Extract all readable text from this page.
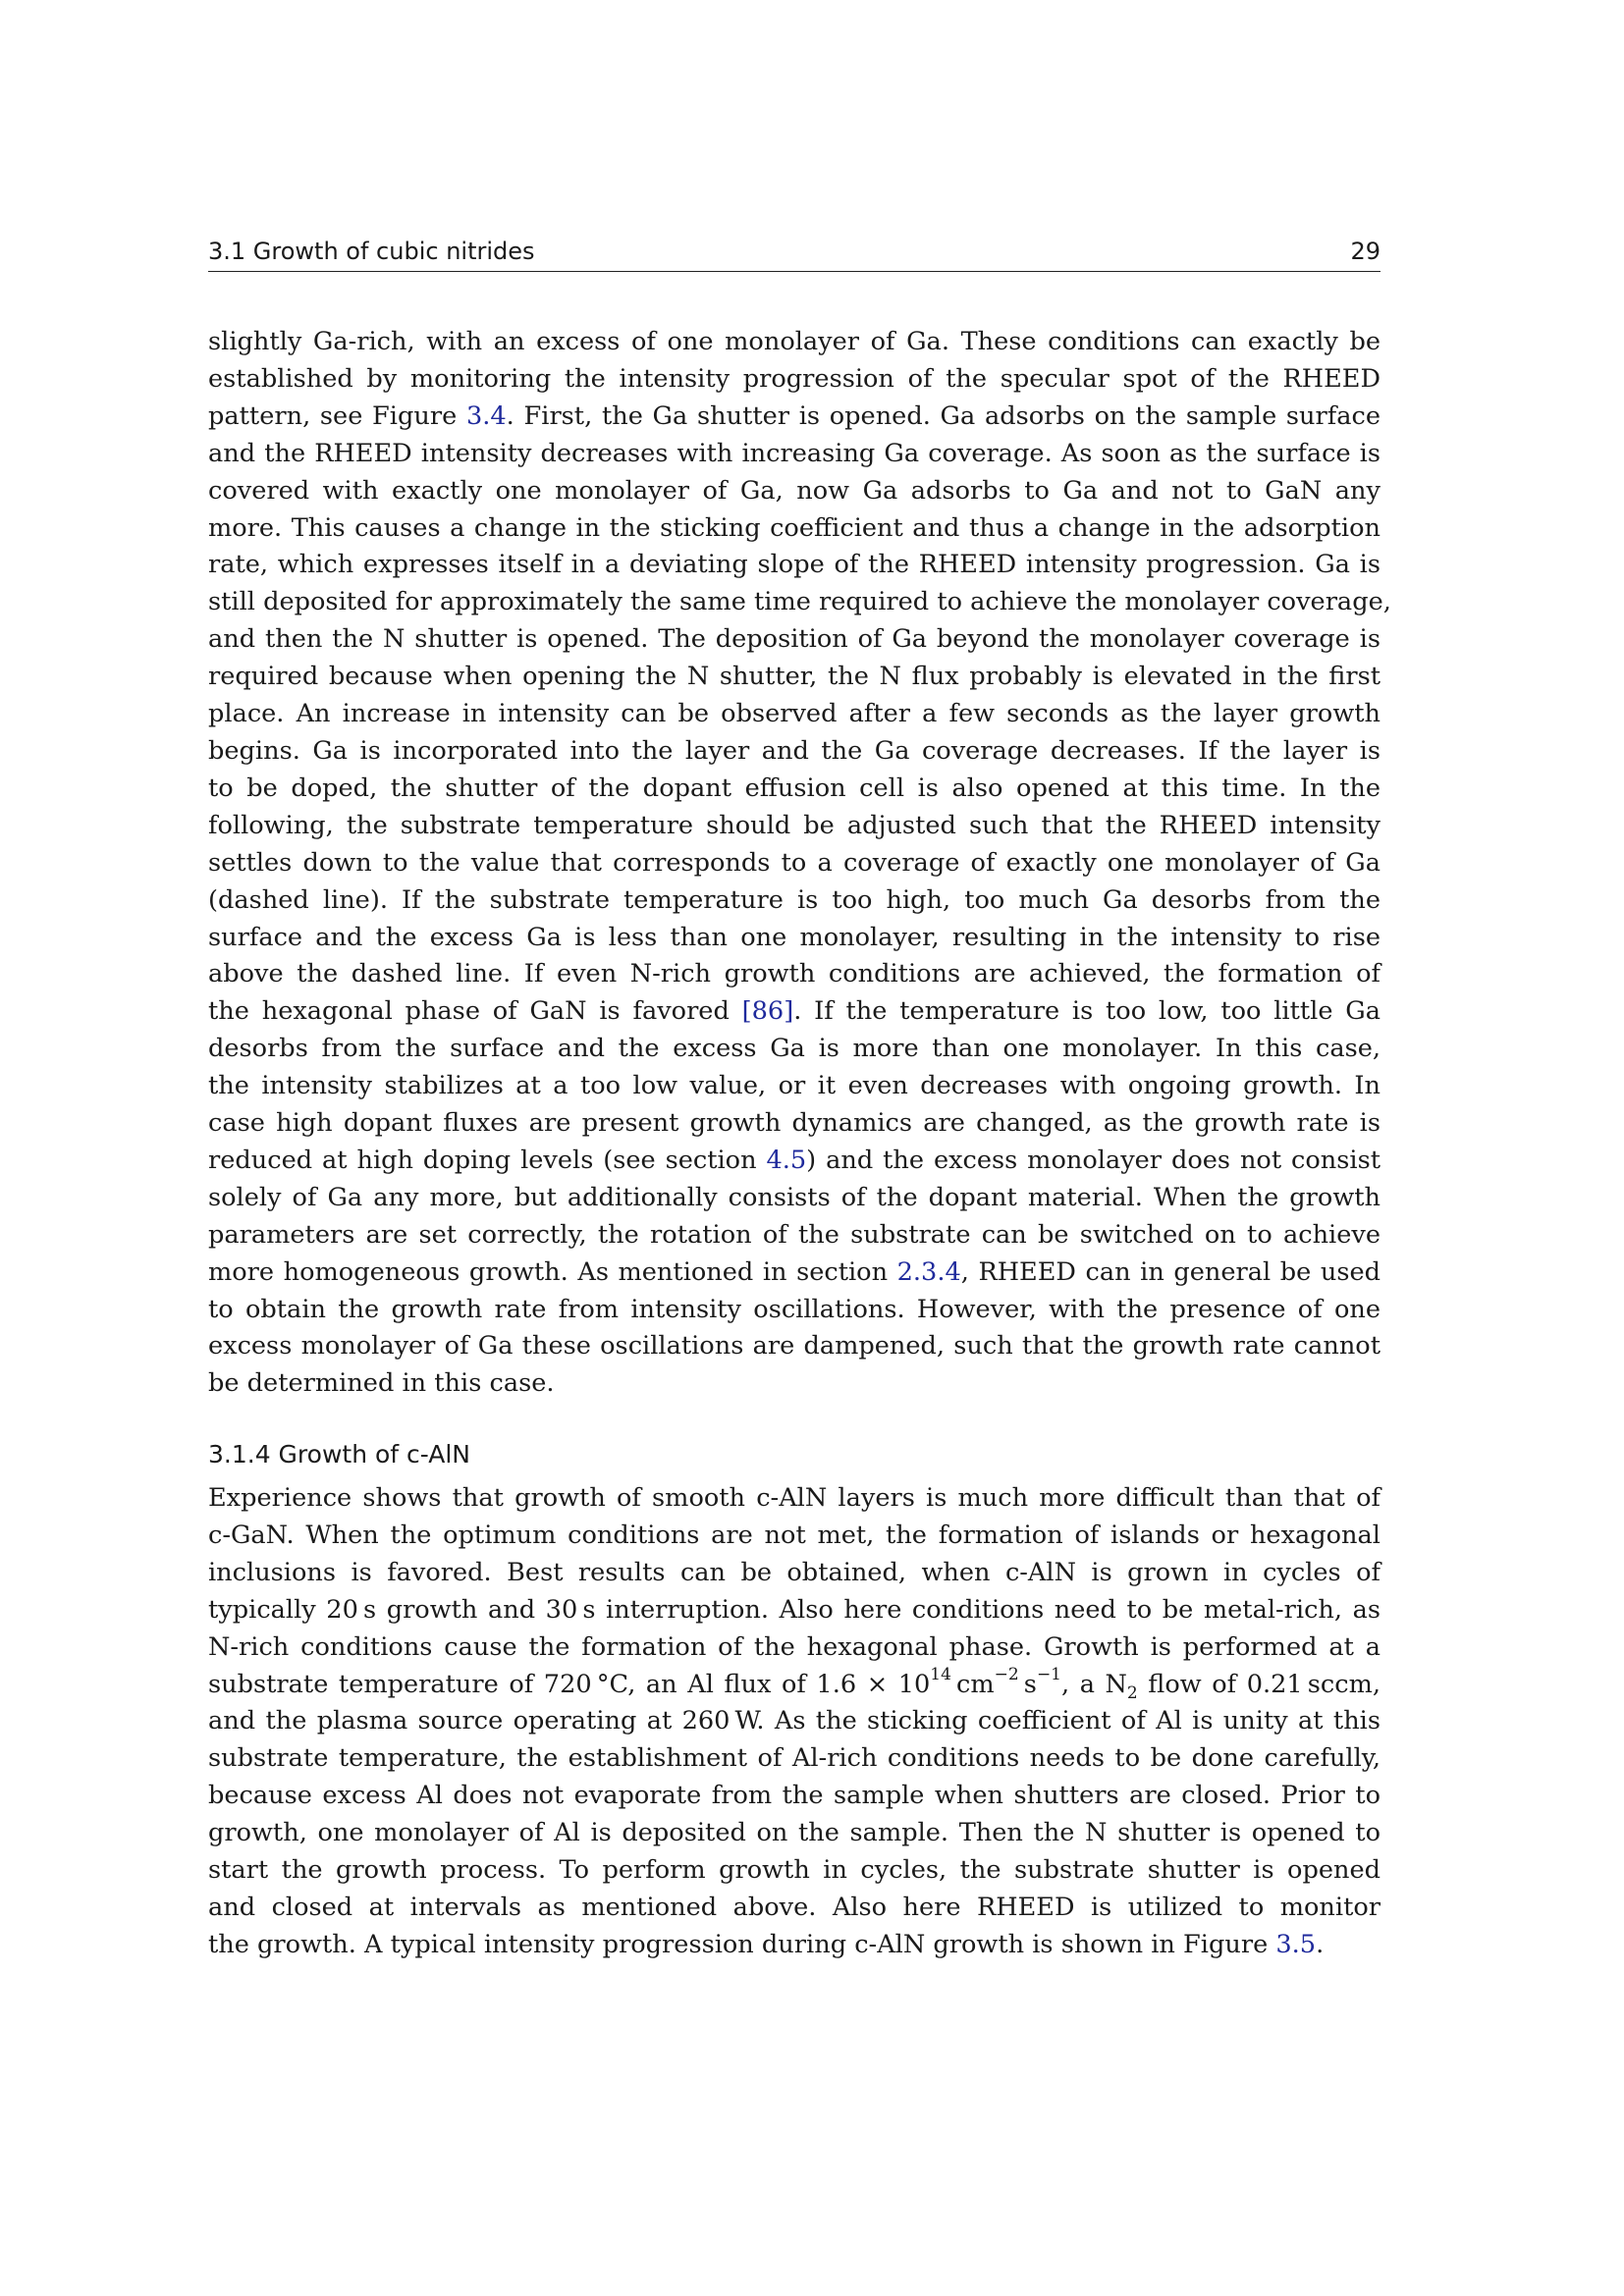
3.1 Growth of cubic nitrides	29
slightly Ga-rich, with an excess of one monolayer of Ga. These conditions can exactly be
established by monitoring the intensity progression of the specular spot of the RHEED
pattern, see Figure 3.4. First, the Ga shutter is opened. Ga adsorbs on the sample surface
and the RHEED intensity decreases with increasing Ga coverage. As soon as the surface is
covered with exactly one monolayer of Ga, now Ga adsorbs to Ga and not to GaN any
more. This causes a change in the sticking coefficient and thus a change in the adsorption
rate, which expresses itself in a deviating slope of the RHEED intensity progression. Ga is
still deposited for approximately the same time required to achieve the monolayer coverage,
and then the N shutter is opened. The deposition of Ga beyond the monolayer coverage is
required because when opening the N shutter, the N flux probably is elevated in the first
place. An increase in intensity can be observed after a few seconds as the layer growth
begins. Ga is incorporated into the layer and the Ga coverage decreases. If the layer is
to be doped, the shutter of the dopant effusion cell is also opened at this time. In the
following, the substrate temperature should be adjusted such that the RHEED intensity
settles down to the value that corresponds to a coverage of exactly one monolayer of Ga
(dashed line). If the substrate temperature is too high, too much Ga desorbs from the
surface and the excess Ga is less than one monolayer, resulting in the intensity to rise
above the dashed line. If even N-rich growth conditions are achieved, the formation of
the hexagonal phase of GaN is favored [86]. If the temperature is too low, too little Ga
desorbs from the surface and the excess Ga is more than one monolayer. In this case,
the intensity stabilizes at a too low value, or it even decreases with ongoing growth. In
case high dopant fluxes are present growth dynamics are changed, as the growth rate is
reduced at high doping levels (see section 4.5) and the excess monolayer does not consist
solely of Ga any more, but additionally consists of the dopant material. When the growth
parameters are set correctly, the rotation of the substrate can be switched on to achieve
more homogeneous growth. As mentioned in section 2.3.4, RHEED can in general be used
to obtain the growth rate from intensity oscillations. However, with the presence of one
excess monolayer of Ga these oscillations are dampened, such that the growth rate cannot
be determined in this case.
3.1.4 Growth of c-AlN
Experience shows that growth of smooth c-AlN layers is much more difficult than that of
c-GaN. When the optimum conditions are not met, the formation of islands or hexagonal
inclusions is favored. Best results can be obtained, when c-AlN is grown in cycles of
typically 20 s growth and 30 s interruption. Also here conditions need to be metal-rich, as
N-rich conditions cause the formation of the hexagonal phase. Growth is performed at a
substrate temperature of 720 °C, an Al flux of $1.6 \times 10^{14}$ $cm^{-2}$ $s^{-1}$, a $N_2$ flow of 0.21 sccm,
and the plasma source operating at 260 W. As the sticking coefficient of Al is unity at this
substrate temperature, the establishment of Al-rich conditions needs to be done carefully,
because excess Al does not evaporate from the sample when shutters are closed. Prior to
growth, one monolayer of Al is deposited on the sample. Then the N shutter is opened to
start the growth process. To perform growth in cycles, the substrate shutter is opened
and closed at intervals as mentioned above. Also here RHEED is utilized to monitor
the growth. A typical intensity progression during c-AlN growth is shown in Figure 3.5.
